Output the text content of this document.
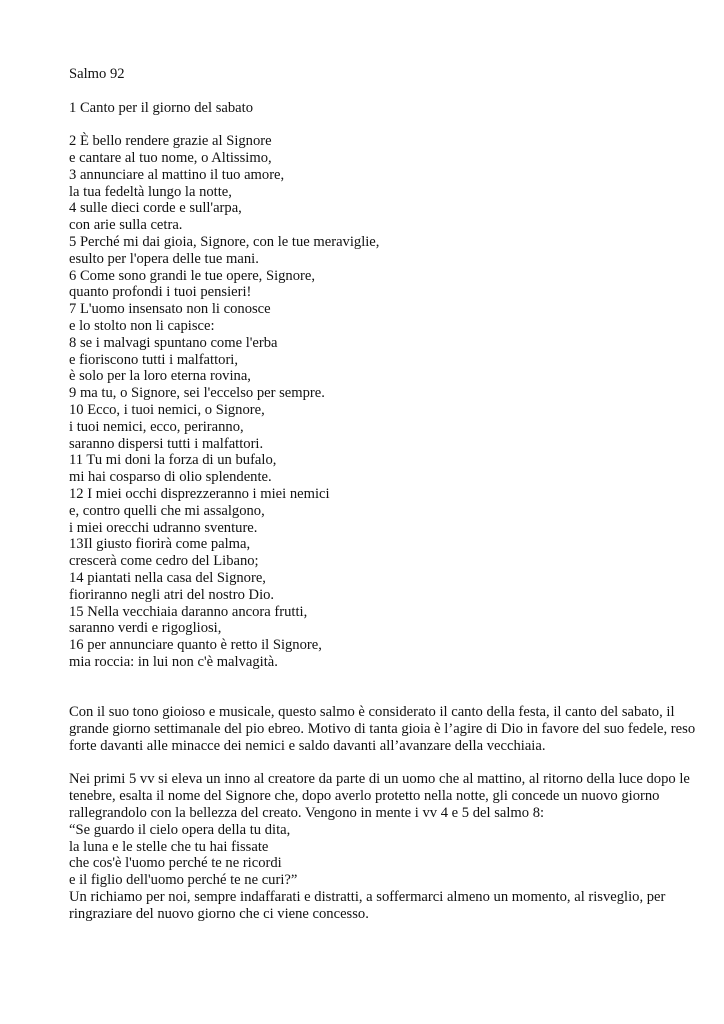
Salmo 92
1 Canto per il giorno del sabato
2 È bello rendere grazie al Signore
e cantare al tuo nome, o Altissimo,
3 annunciare al mattino il tuo amore,
la tua fedeltà lungo la notte,
4 sulle dieci corde e sull'arpa,
con arie sulla cetra.
5 Perché mi dai gioia, Signore, con le tue meraviglie,
esulto per l'opera delle tue mani.
6 Come sono grandi le tue opere, Signore,
quanto profondi i tuoi pensieri!
7 L'uomo insensato non li conosce
e lo stolto non li capisce:
8 se i malvagi spuntano come l'erba
e fioriscono tutti i malfattori,
è solo per la loro eterna rovina,
9 ma tu, o Signore, sei l'eccelso per sempre.
10 Ecco, i tuoi nemici, o Signore,
i tuoi nemici, ecco, periranno,
saranno dispersi tutti i malfattori.
11 Tu mi doni la forza di un bufalo,
mi hai cosparso di olio splendente.
12 I miei occhi disprezzeranno i miei nemici
e, contro quelli che mi assalgono,
i miei orecchi udranno sventure.
13Il giusto fiorirà come palma,
crescerà come cedro del Libano;
14 piantati nella casa del Signore,
fioriranno negli atri del nostro Dio.
15 Nella vecchiaia daranno ancora frutti,
saranno verdi e rigogliosi,
16 per annunciare quanto è retto il Signore,
mia roccia: in lui non c'è malvagità.

Con il suo tono gioioso e musicale, questo salmo è considerato il canto della festa, il canto del sabato, il grande giorno settimanale del pio ebreo. Motivo di tanta gioia è l’agire di Dio in favore del suo fedele, reso forte davanti alle minacce dei nemici e saldo davanti all’avanzare della vecchiaia.

Nei primi 5 vv si eleva un inno al creatore da parte di un uomo che al mattino, al ritorno della luce dopo le tenebre, esalta il nome del Signore che, dopo averlo protetto nella notte, gli concede un nuovo giorno rallegrandolo con la bellezza del creato. Vengono in mente i vv 4 e 5 del salmo 8:
“Se guardo il cielo opera della tu dita,
la luna e le stelle che tu hai fissate
che cos'è l'uomo perché te ne ricordi
e il figlio dell'uomo perché te ne curi?”
Un richiamo per noi, sempre indaffarati e distratti, a soffermarci almeno un momento, al risveglio, per ringraziare del nuovo giorno che ci viene concesso.
